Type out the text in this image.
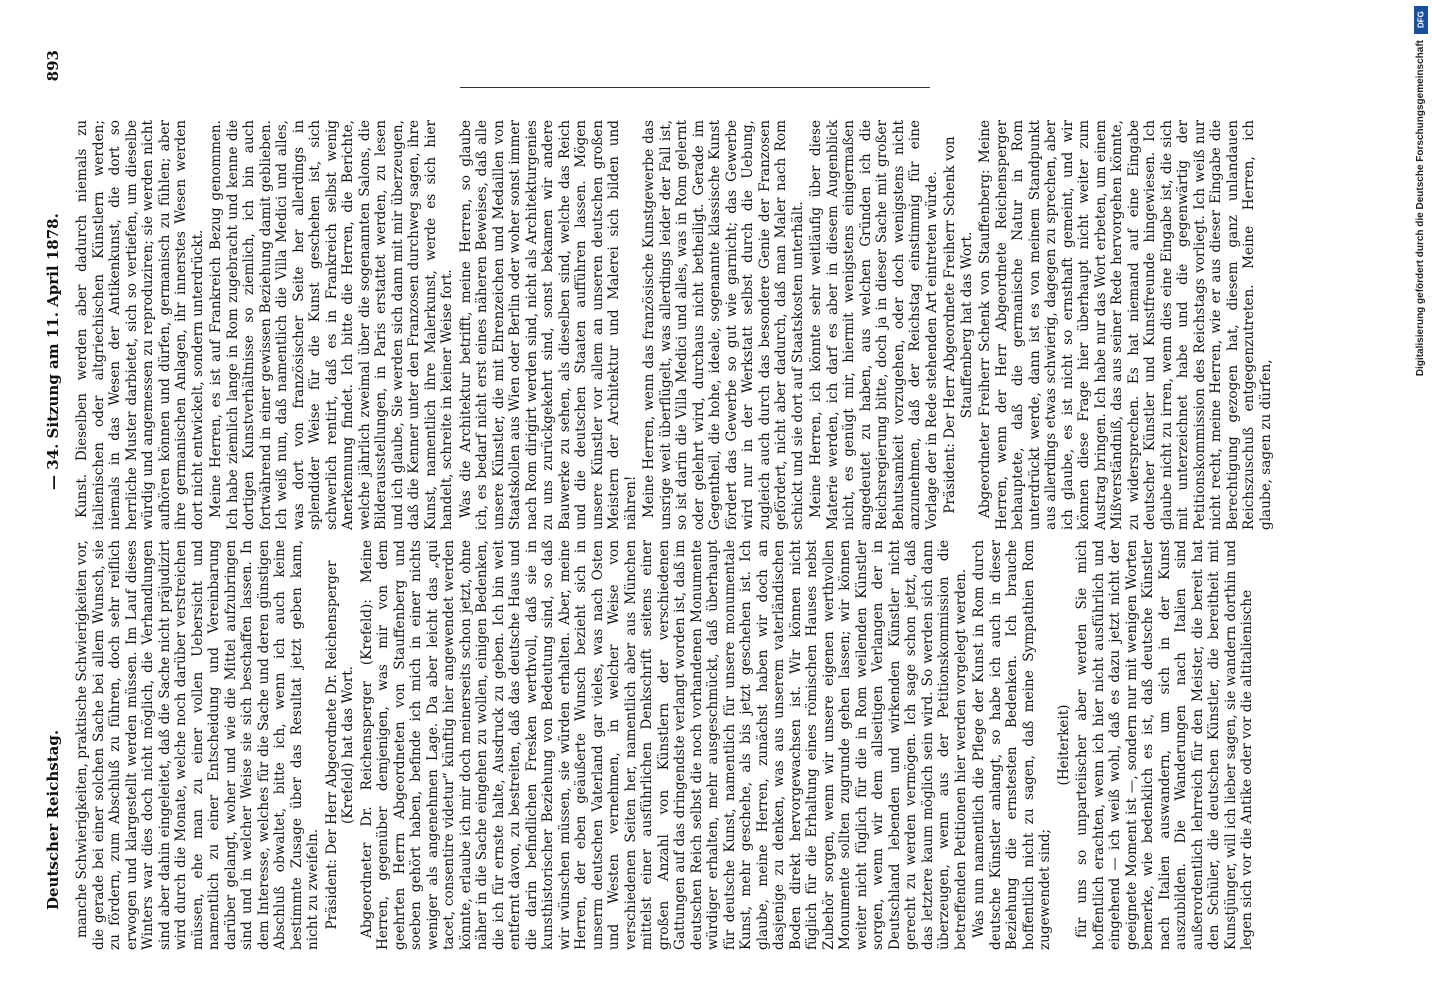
DFG
Digitalisierung gefördert durch die Deutsche Forschungsgemeinschaft
Deutscher Reichstag.
— 34. Sitzung am 11. April 1878.
893

manche Schwierigkeiten, praktische Schwierigkeiten vor, die gerade bei einer solchen Sache bei allem Wunsch, sie zu fördern, zum Abschluß zu führen, doch sehr reiflich erwogen und klargestellt werden müssen. Im Lauf dieses Winters war dies doch nicht möglich, die Verhandlungen sind aber dahin eingeleitet, daß die Sache nicht präjudizirt wird durch die Monate, welche noch darüber verstreichen müssen, ehe man zu einer vollen Uebersicht und namentlich zu einer Entscheidung und Vereinbarung darüber gelangt, woher und wie die Mittel aufzubringen sind und in welcher Weise sie sich beschaffen lassen. In dem Interesse, welches für die Sache und deren günstigen Abschluß obwaltet, bitte ich, wenn ich auch keine bestimmte Zusage über das Resultat jetzt geben kann, nicht zu zweifeln. Präsident: Der Herr Abgeordnete Dr. Reichensperger (Krefeld) hat das Wort. Abgeordneter Dr. Reichensperger (Krefeld): Meine Herren, gegenüber demjenigen, was mir von dem geehrten Herrn Abgeordneten von Stauffenberg und soeben gehört haben, befinde ich mich in einer nichts weniger als angenehmen Lage. Da aber leicht das „qui tacet, consentire videtur“ künftig hier angewendet werden könnte, erlaube ich mir doch meinerseits schon jetzt, ohne näher in die Sache eingehen zu wollen, einigen Bedenken, die ich für ernste halte, Ausdruck zu geben. Ich bin weit entfernt davon, zu bestreiten, daß das deutsche Haus und die darin befindlichen Fresken werthvoll, daß sie in kunsthistorischer Beziehung von Bedeutung sind, so daß wir wünschen müssen, sie würden erhalten. Aber, meine Herren, der eben geäußerte Wunsch bezieht sich in unserm deutschen Vaterland gar vieles, was nach Osten und Westen vernehmen, in welcher Weise von verschiedenen Seiten her, namentlich aber aus München mittelst einer ausführlichen Denkschrift seitens einer großen Anzahl von Künstlern der verschiedenen Gattungen auf das dringendste verlangt worden ist, daß im deutschen Reich selbst die noch vorhandenen Monumente würdiger erhalten, mehr ausgeschmückt, daß überhaupt für deutsche Kunst, namentlich für unsere monumentale Kunst, mehr geschehe, als bis jetzt geschehen ist. Ich glaube, meine Herren, zunächst haben wir doch an dasjenige zu denken, was aus unserem vaterländischen Boden direkt hervorgewachsen ist. Wir können nicht füglich für die Erhaltung eines römischen Hauses nebst Zubehör sorgen, wenn wir unsere eigenen werthvollen Monumente sollten zugrunde gehen lassen; wir können weiter nicht füglich für die in Rom weilenden Künstler sorgen, wenn wir dem allseitigen Verlangen der in Deutschland lebenden und wirkenden Künstler nicht gerecht zu werden vermögen. Ich sage schon jetzt, daß das letztere kaum möglich sein wird. So werden sich dann überzeugen, wenn aus der Petitionskommission die betreffenden Petitionen hier werden vorgelegt werden. Was nun namentlich die Pflege der Kunst in Rom durch deutsche Künstler anlangt, so habe ich auch in dieser Beziehung die ernstesten Bedenken. Ich brauche hoffentlich nicht zu sagen, daß meine Sympathien Rom zugewendet sind;

(Heiterkeit) für uns so unparteiischer aber werden Sie mich hoffentlich erachten, wenn ich hier nicht ausführlich und eingehend — ich weiß wohl, daß es dazu jetzt nicht der geeignete Moment ist —, sondern nur mit wenigen Worten bemerke, wie bedenklich es ist, daß deutsche Künstler nach Italien auswandern, um sich in der Kunst auszubilden. Die Wanderungen nach Italien sind außerordentlich lehrreich für den Meister, die bereit hat den Schüler, die deutschen Künstler, die bereitheit mit Kunstjünger, will ich lieber sagen, sie wandern dorthin und legen sich vor die Antike oder vor die altitalienische

Kunst. Dieselben werden aber dadurch niemals zu italienischen oder altgriechischen Künstlern werden; niemals in das Wesen der Antikenkunst, die dort so herrliche Muster darbietet, sich so vertiefen, um dieselbe würdig und angemessen zu reproduziren; sie werden nicht aufhören können und dürfen, germanisch zu fühlen; aber ihre germanischen Anlagen, ihr innerstes Wesen werden dort nicht entwickelt, sondern unterdrückt. Meine Herren, es ist auf Frankreich Bezug genommen. Ich habe ziemlich lange in Rom zugebracht und kenne die dortigen Kunstverhältnisse so ziemlich, ich bin auch fortwährend in einer gewissen Beziehung damit geblieben. Ich weiß nun, daß namentlich die Villa Medici und alles, was dort von französischer Seite her allerdings in splendider Weise für die Kunst geschehen ist, sich schwerlich rentirt, daß es in Frankreich selbst wenig Anerkennung findet. Ich bitte die Herren, die Berichte, welche jährlich zweimal über die sogenannten Salons, die Bilderausstellungen, in Paris erstattet werden, zu lesen und ich glaube, Sie werden sich dann mit mir überzeugen, daß die Kenner unter den Franzosen durchweg sagen, ihre Kunst, namentlich ihre Malerkunst, werde es sich hier handelt, schreite in keiner Weise fort. Was die Architektur betrifft, meine Herren, so glaube ich, es bedarf nicht erst eines näheren Beweises, daß alle unsere Künstler, die mit Ehrenzeichen und Medaillen von Staatskollen aus Wien oder Berlin oder woher sonst immer nach Rom dirigirt werden sind, nicht als Architekturgenies zu uns zurückgekehrt sind, sonst bekamen wir andere Bauwerke zu sehen, als dieselben sind, welche das Reich und die deutschen Staaten aufführen lassen. Mögen unsere Künstler vor allem an unseren deutschen großen Meistern der Architektur und Malerei sich bilden und nähren! Meine Herren, wenn das französische Kunstgewerbe das unsrige weit überflügelt, was allerdings leider der Fall ist, so ist darin die Villa Medici und alles, was in Rom gelernt oder gelehrt wird, durchaus nicht betheiligt. Gerade im Gegentheil, die hohe, ideale, sogenannte klassische Kunst fördert das Gewerbe so gut wie garnicht; das Gewerbe wird nur in der Werkstatt selbst durch die Uebung, zugleich auch durch das besondere Genie der Franzosen gefördert, nicht aber dadurch, daß man Maler nach Rom schickt und sie dort auf Staatskosten unterhält. Meine Herren, ich könnte sehr weitläufig über diese Materie werden, ich darf es aber in diesem Augenblick nicht, es genügt mir, hiermit wenigstens einigermaßen angedeutet zu haben, aus welchen Gründen ich die Reichsregierung bitte, doch ja in dieser Sache mit großer Behutsamkeit vorzugehen, oder doch wenigstens nicht anzunehmen, daß der Reichstag einstimmig für eine Vorlage der in Rede stehenden Art eintreten würde. Präsident: Der Herr Abgeordnete Freiherr Schenk von Stauffenberg hat das Wort. Abgeordneter Freiherr Schenk von Stauffenberg: Meine Herren, wenn der Herr Abgeordnete Reichensperger behauptete, daß die germanische Natur in Rom unterdrückt werde, dann ist es von meinem Standpunkt aus allerdings etwas schwierig, dagegen zu sprechen, aber ich glaube, es ist nicht so ernsthaft gemeint, und wir können diese Frage hier überhaupt nicht weiter zum Austrag bringen. Ich habe nur das Wort erbeten, um einem Mißverständniß, das aus seiner Rede hervorgehen könnte, zu widersprechen. Es hat niemand auf eine Eingabe deutscher Künstler und Kunstfreunde hingewiesen. Ich glaube nicht zu irren, wenn dies eine Eingabe ist, die sich mit unterzeichnet habe und die gegenwärtig der Petitionskommission des Reichstags vorliegt. Ich weiß nur nicht recht, meine Herren, wie er aus dieser Eingabe die Berechtigung gezogen hat, diesem ganz unlandauen Reichszuschuß entgegenzutreten. Meine Herren, ich glaube, sagen zu dürfen,
